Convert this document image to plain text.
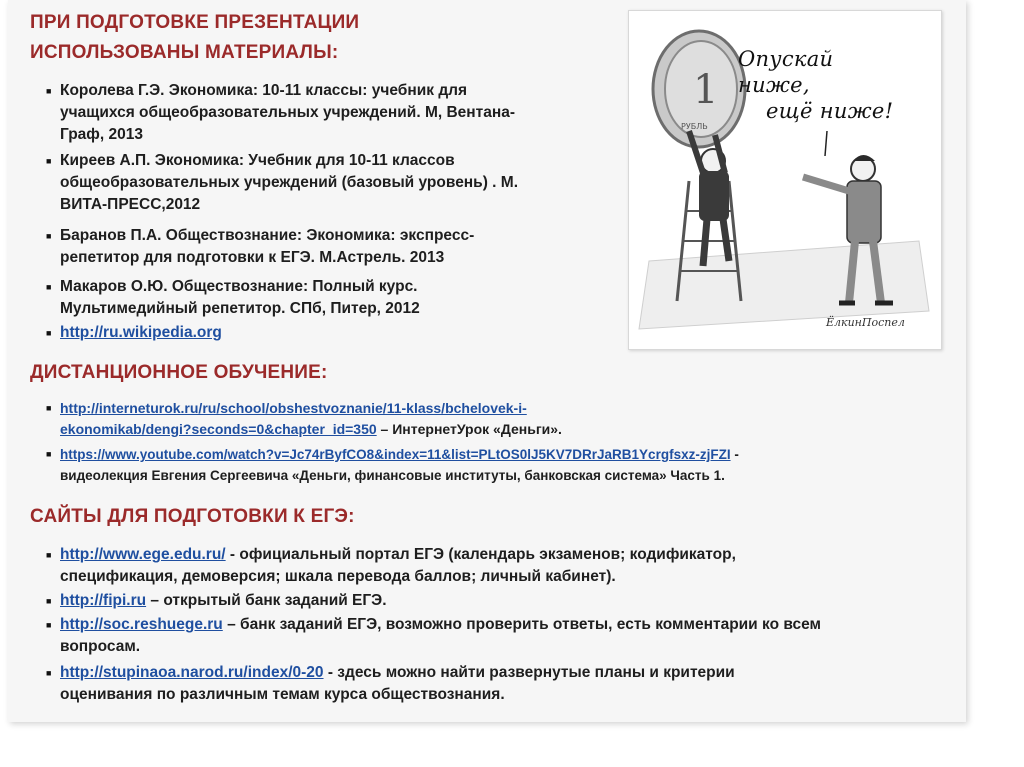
ПРИ ПОДГОТОВКЕ ПРЕЗЕНТАЦИИ
ИСПОЛЬЗОВАНЫ МАТЕРИАЛЫ:
■ Королева Г.Э. Экономика: 10-11 классы: учебник для
учащихся общеобразовательных учреждений. М, Вентана-
Граф, 2013
■ Киреев А.П. Экономика: Учебник для 10-11 классов
общеобразовательных учреждений (базовый уровень) . М.
ВИТА-ПРЕСС,2012
■ Баранов П.А. Обществознание: Экономика: экспресс-
репетитор для подготовки к ЕГЭ. М.Астрель. 2013
■ Макаров О.Ю. Обществознание: Полный курс.
Мультимедийный репетитор. СПб, Питер, 2012
■ http://ru.wikipedia.org
ДИСТАНЦИОННОЕ ОБУЧЕНИЕ:
■ http://interneturok.ru/ru/school/obshestvoznanie/11-klass/bchelovek-i-
ekonomikab/dengi?seconds=0&chapter_id=350 – ИнтернетУрок «Деньги».
■ https://www.youtube.com/watch?v=Jc74rByfCO8&index=11&list=PLtOS0lJ5KV7DRrJaRB1Ycrgfsxz-zjFZI -
видеолекция Евгения Сергеевича «Деньги, финансовые институты, банковская система» Часть 1.
САЙТЫ ДЛЯ ПОДГОТОВКИ К ЕГЭ:
■ http://www.ege.edu.ru/ - официальный портал ЕГЭ (календарь экзаменов; кодификатор,
спецификация, демоверсия; шкала перевода баллов; личный кабинет).
■ http://fipi.ru – открытый банк заданий ЕГЭ.
■ http://soc.reshuege.ru – банк заданий ЕГЭ, возможно проверить ответы, есть комментарии ко всем
вопросам.
■ http://stupinaoa.narod.ru/index/0-20 - здесь можно найти развернутые планы и критерии
оценивания по различным темам курса обществознания.
1
РУБЛЬ
Опускай ниже,
ещё ниже!
ЁлкинПоспел
